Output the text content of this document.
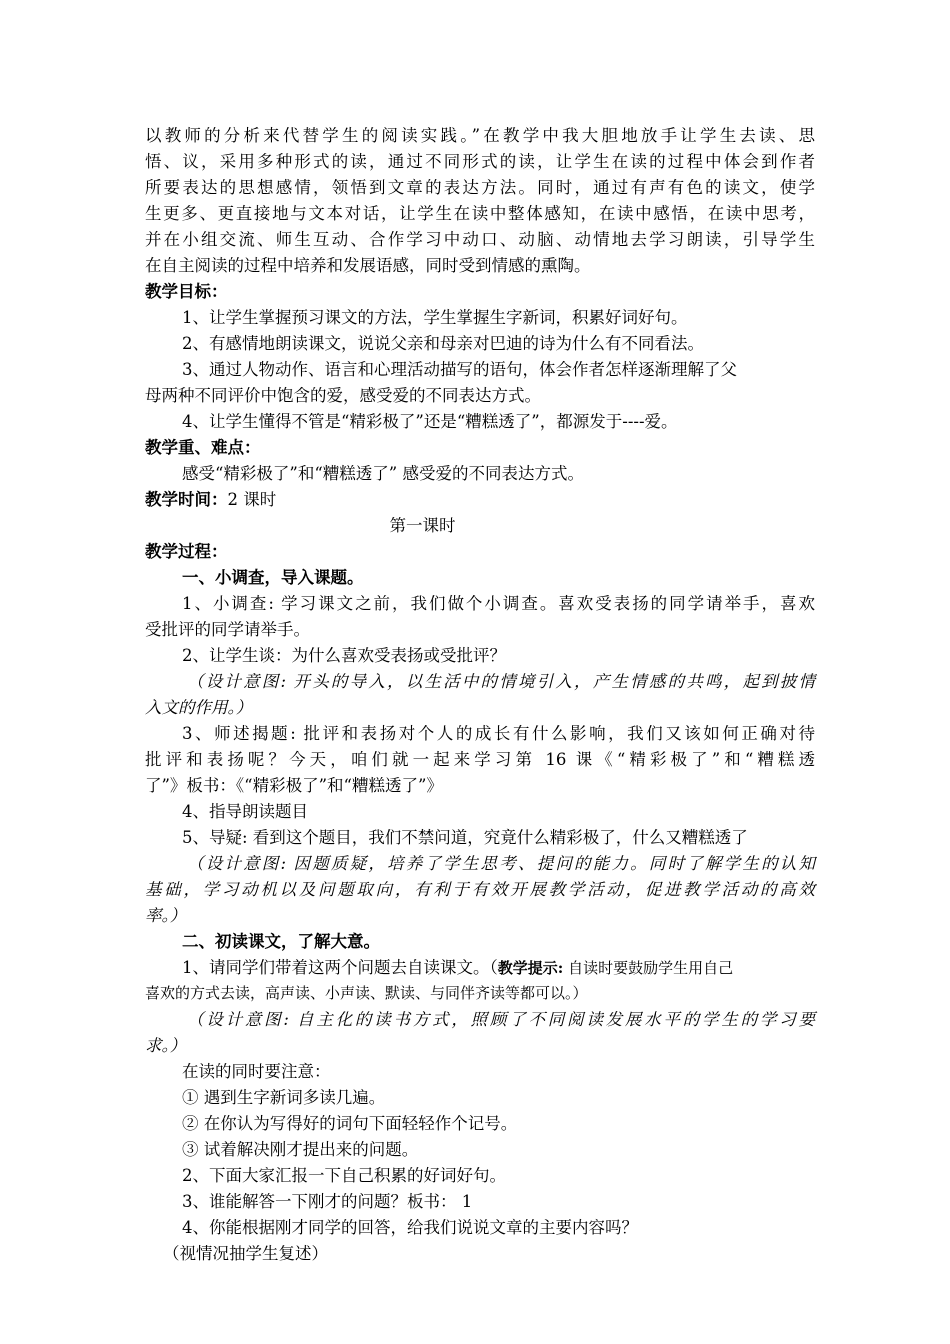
以教师的分析来代替学生的阅读实践。”在教学中我大胆地放手让学生去读、思
悟、议，采用多种形式的读，通过不同形式的读，让学生在读的过程中体会到作者
所要表达的思想感情，领悟到文章的表达方法。同时，通过有声有色的读文，使学
生更多、更直接地与文本对话，让学生在读中整体感知，在读中感悟，在读中思考，
并在小组交流、师生互动、合作学习中动口、动脑、动情地去学习朗读，引导学生
在自主阅读的过程中培养和发展语感，同时受到情感的熏陶。
教学目标：
1、让学生掌握预习课文的方法，学生掌握生字新词，积累好词好句。
2、有感情地朗读课文，说说父亲和母亲对巴迪的诗为什么有不同看法。
3、通过人物动作、语言和心理活动描写的语句，体会作者怎样逐渐理解了父
母两种不同评价中饱含的爱，感受爱的不同表达方式。
4、让学生懂得不管是“精彩极了”还是“糟糕透了”，都源发于----爱。
教学重、难点：
感受“精彩极了”和“糟糕透了” 感受爱的不同表达方式。
教学时间：2 课时
第一课时
教学过程：
一、小调查，导入课题。
1、小调查: 学习课文之前，我们做个小调查。喜欢受表扬的同学请举手，喜欢
受批评的同学请举手。
2、让学生谈：为什么喜欢受表扬或受批评？
（设计意图: 开头的导入，以生活中的情境引入，产生情感的共鸣，起到披情
入文的作用。）
3、师述揭题: 批评和表扬对个人的成长有什么影响，我们又该如何正确对待
批评和表扬呢？今天，咱们就一起来学习第 16 课《“精彩极了”和“糟糕透
了”》板书：《“精彩极了”和“糟糕透了”》
4、指导朗读题目
5、导疑: 看到这个题目，我们不禁问道，究竟什么精彩极了，什么又糟糕透了
（设计意图: 因题质疑，培养了学生思考、提问的能力。同时了解学生的认知
基础，学习动机以及问题取向，有利于有效开展教学活动，促进教学活动的高效
率。）
二、初读课文，了解大意。
1、请同学们带着这两个问题去自读课文。（教学提示: 自读时要鼓励学生用自己
喜欢的方式去读，高声读、小声读、默读、与同伴齐读等都可以。）
（设计意图: 自主化的读书方式，照顾了不同阅读发展水平的学生的学习要
求。）
在读的同时要注意：
① 遇到生字新词多读几遍。
② 在你认为写得好的词句下面轻轻作个记号。
③ 试着解决刚才提出来的问题。
2、下面大家汇报一下自己积累的好词好句。
3、谁能解答一下刚才的问题？板书： 1
4、你能根据刚才同学的回答，给我们说说文章的主要内容吗？
（视情况抽学生复述）
